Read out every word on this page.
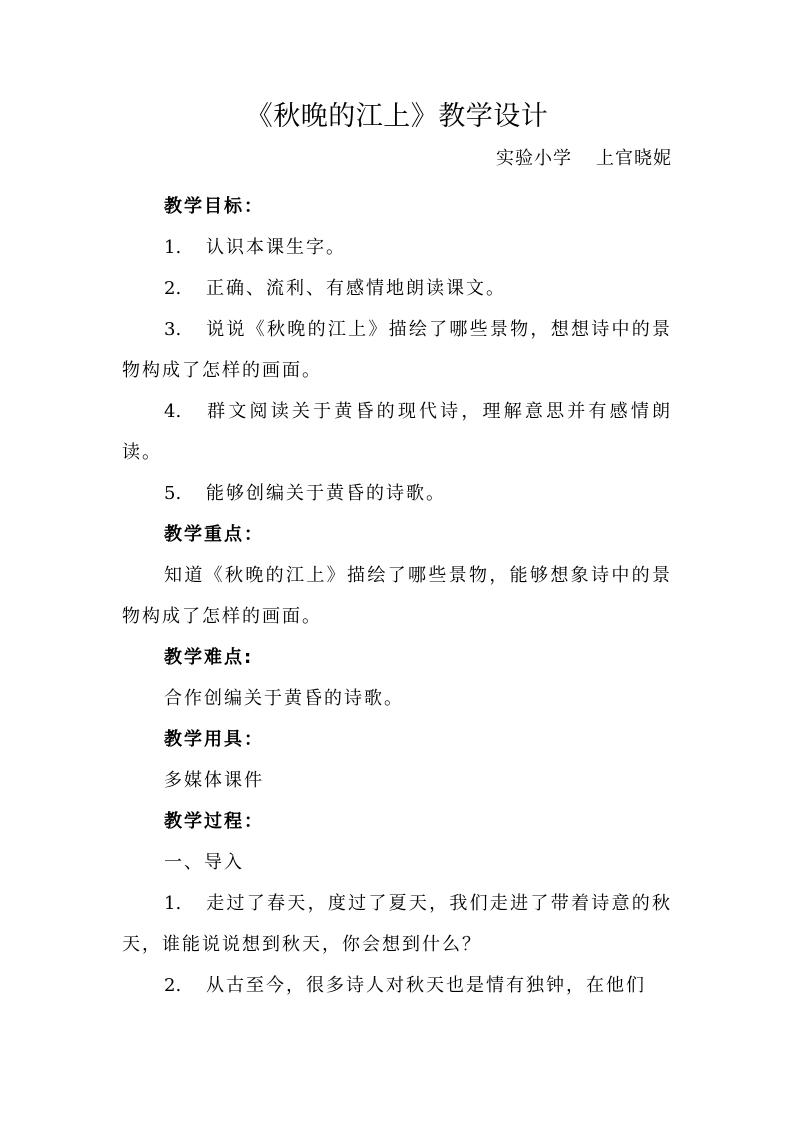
《秋晚的江上》教学设计
实验小学 上官晓妮

教学目标：

1. 认识本课生字。

2. 正确、流利、有感情地朗读课文。

3. 说说《秋晚的江上》描绘了哪些景物，想想诗中的景物构成了怎样的画面。

4. 群文阅读关于黄昏的现代诗，理解意思并有感情朗读。

5. 能够创编关于黄昏的诗歌。

教学重点：

知道《秋晚的江上》描绘了哪些景物，能够想象诗中的景物构成了怎样的画面。

教学难点:

合作创编关于黄昏的诗歌。

教学用具：

多媒体课件

教学过程：

一、导入

1. 走过了春天，度过了夏天，我们走进了带着诗意的秋天，谁能说说想到秋天，你会想到什么？

2. 从古至今，很多诗人对秋天也是情有独钟，在他们
